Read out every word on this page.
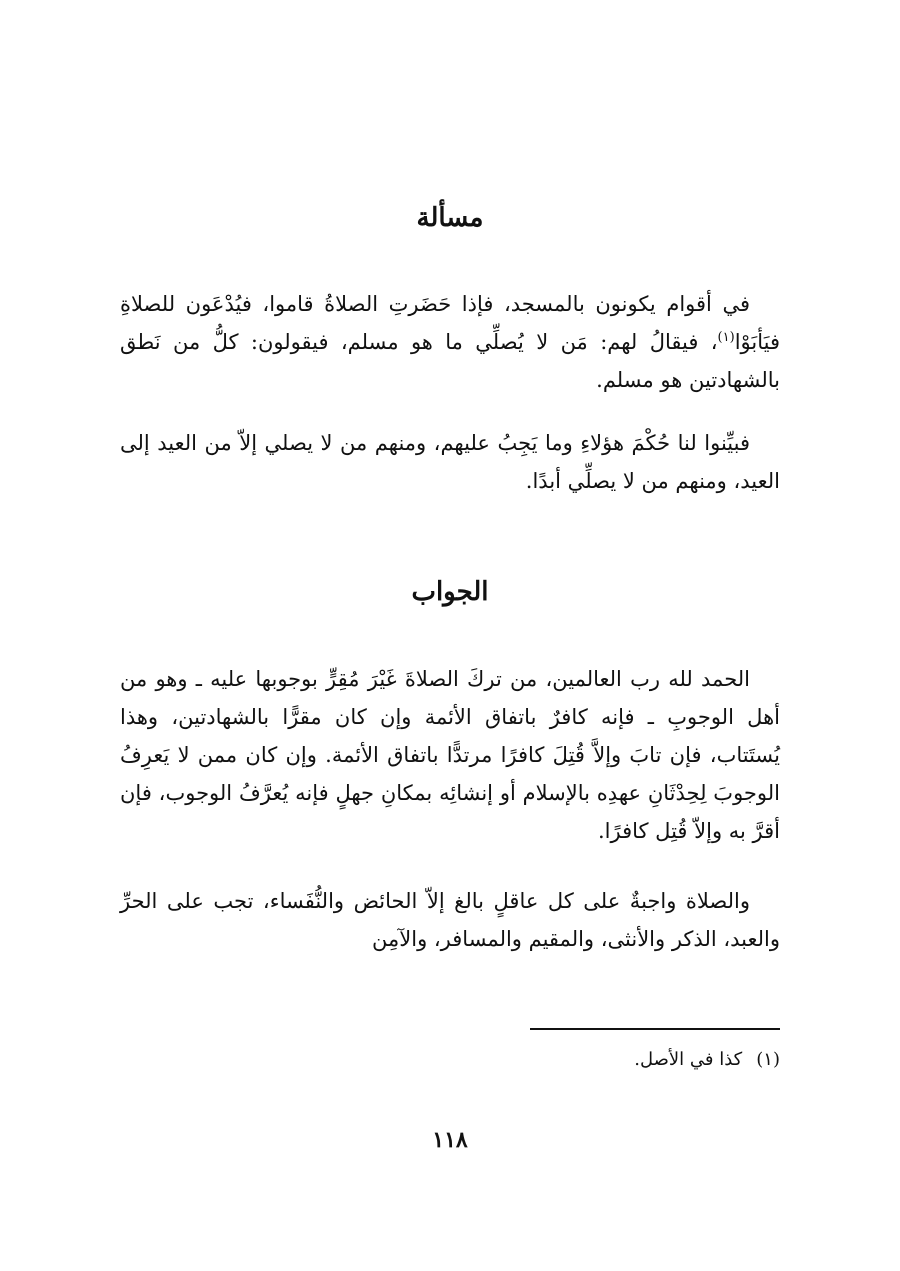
مسألة

في أقوام يكونون بالمسجد، فإذا حَضَرتِ الصلاةُ قاموا، فيُدْعَون للصلاةِ فيَأبَوْا$^{(١)}$، فيقالُ لهم: مَن لا يُصلِّي ما هو مسلم، فيقولون: كلُّ من نَطق بالشهادتين هو مسلم.

فبيِّنوا لنا حُكْمَ هؤلاءِ وما يَجِبُ عليهم، ومنهم من لا يصلي إلاّ من العيد إلى العيد، ومنهم من لا يصلِّي أبدًا.

الجواب

الحمد لله رب العالمين، من تركَ الصلاةَ غَيْرَ مُقِرٍّ بوجوبها عليه ـ وهو من أهل الوجوبِ ـ فإنه كافرٌ باتفاق الأئمة وإن كان مقرًّا بالشهادتين، وهذا يُستَتاب، فإن تابَ وإلاَّ قُتِلَ كافرًا مرتدًّا باتفاق الأئمة. وإن كان ممن لا يَعرِفُ الوجوبَ لِحِدْثَانِ عهدِه بالإسلام أو إنشائِه بمكانِ جهلٍ فإنه يُعرَّفُ الوجوب، فإن أقرَّ به وإلاّ قُتِل كافرًا.

والصلاة واجبةٌ على كل عاقلٍ بالغ إلاّ الحائض والنُّفَساء، تجب على الحرِّ والعبد، الذكر والأنثى، والمقيم والمسافر، والآمِن

(١)كذا في الأصل.

١١٨
